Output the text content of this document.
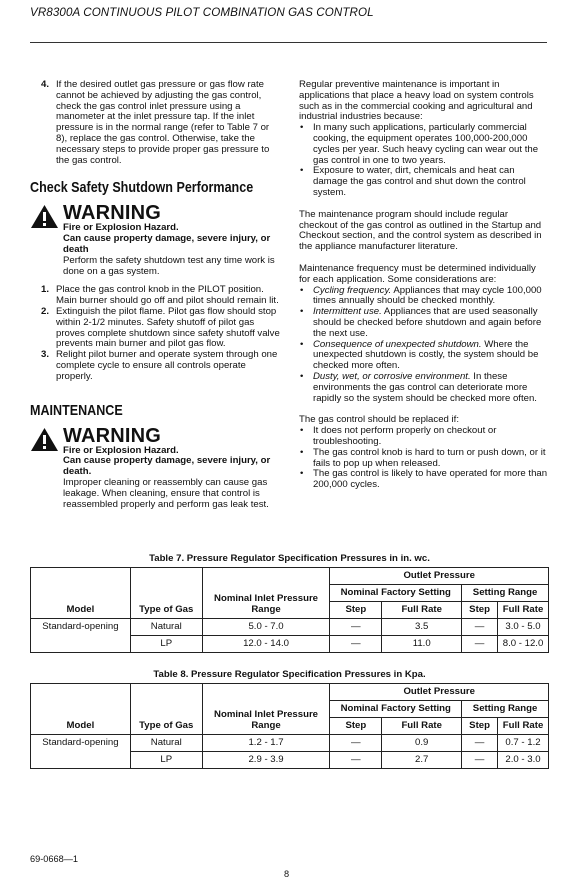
VR8300A CONTINUOUS PILOT COMBINATION GAS CONTROL
4. If the desired outlet gas pressure or gas flow rate cannot be achieved by adjusting the gas control, check the gas control inlet pressure using a manometer at the inlet pressure tap. If the inlet pressure is in the normal range (refer to Table 7 or 8), replace the gas control. Otherwise, take the necessary steps to provide proper gas pressure to the gas control.
Check Safety Shutdown Performance
WARNING
Fire or Explosion Hazard.
Can cause property damage, severe injury, or death
Perform the safety shutdown test any time work is done on a gas system.
1. Place the gas control knob in the PILOT position. Main burner should go off and pilot should remain lit.
2. Extinguish the pilot flame. Pilot gas flow should stop within 2-1/2 minutes. Safety shutoff of pilot gas proves complete shutdown since safety shutoff valve prevents main burner and pilot gas flow.
3. Relight pilot burner and operate system through one complete cycle to ensure all controls operate properly.
MAINTENANCE
WARNING
Fire or Explosion Hazard.
Can cause property damage, severe injury, or death.
Improper cleaning or reassembly can cause gas leakage. When cleaning, ensure that control is reassembled properly and perform gas leak test.

Regular preventive maintenance is important in applications that place a heavy load on system controls such as in the commercial cooking and agricultural and industrial industries because:

• In many such applications, particularly commercial cooking, the equipment operates 100,000-200,000 cycles per year. Such heavy cycling can wear out the gas control in one to two years.
• Exposure to water, dirt, chemicals and heat can damage the gas control and shut down the control system.

The maintenance program should include regular checkout of the gas control as outlined in the Startup and Checkout section, and the control system as described in the appliance manufacturer literature.

Maintenance frequency must be determined individually for each application. Some considerations are:

• Cycling frequency. Appliances that may cycle 100,000 times annually should be checked monthly.
• Intermittent use. Appliances that are used seasonally should be checked before shutdown and again before the next use.
• Consequence of unexpected shutdown. Where the unexpected shutdown is costly, the system should be checked more often.
• Dusty, wet, or corrosive environment. In these environments the gas control can deteriorate more rapidly so the system should be checked more often.

The gas control should be replaced if:

• It does not perform properly on checkout or troubleshooting.
• The gas control knob is hard to turn or push down, or it fails to pop up when released.
• The gas control is likely to have operated for more than 200,000 cycles.
Table 7. Pressure Regulator Specification Pressures in in. wc.
Model	Type of Gas	Nominal Inlet Pressure Range	Outlet Pressure			
			Nominal Factory Setting		Setting Range	
			Step	Full Rate	Step	Full Rate
Standard-opening	Natural	5.0 - 7.0	—	3.5	—	3.0 - 5.0
	LP	12.0 - 14.0	—	11.0	—	8.0 - 12.0
Table 8. Pressure Regulator Specification Pressures in Kpa.
Model	Type of Gas	Nominal Inlet Pressure Range	Outlet Pressure			
			Nominal Factory Setting		Setting Range	
			Step	Full Rate	Step	Full Rate
Standard-opening	Natural	1.2 - 1.7	—	0.9	—	0.7 - 1.2
	LP	2.9 - 3.9	—	2.7	—	2.0 - 3.0
69-0668—1
8
